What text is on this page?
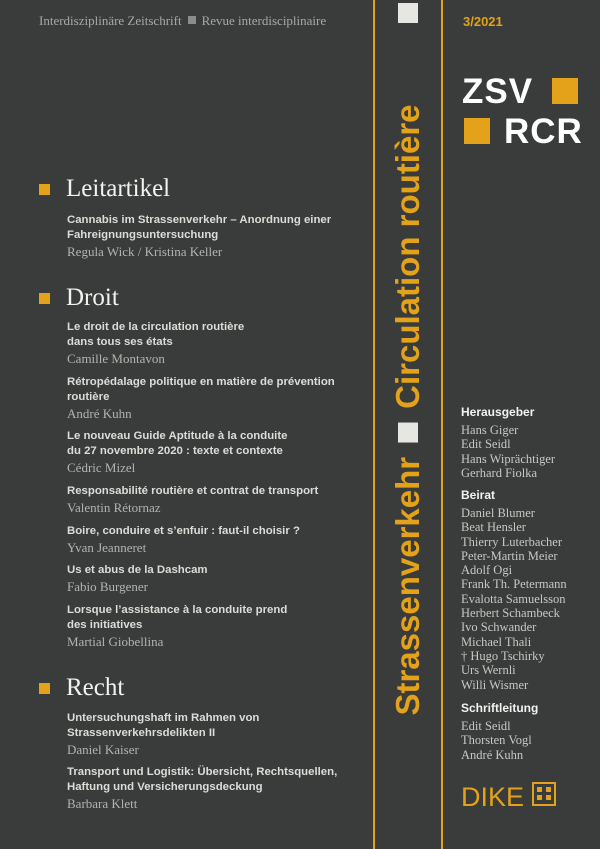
Interdisziplinäre Zeitschrift Revue interdisciplinaire	3/2021
ZSV
RCR
Strassenverkehr
Circulation routière
Leitartikel
Cannabis im Strassenverkehr – Anordnung einer Fahreignungsuntersuchung
Regula Wick / Kristina Keller
Droit
Le droit de la circulation routière dans tous ses états
Camille Montavon
Rétropédalage politique en matière de prévention routière
André Kuhn
Le nouveau Guide Aptitude à la conduite du 27 novembre 2020 : texte et contexte
Cédric Mizel
Responsabilité routière et contrat de transport
Valentin Rétornaz
Boire, conduire et s’enfuir : faut-il choisir ?
Yvan Jeanneret
Us et abus de la Dashcam
Fabio Burgener
Lorsque l’assistance à la conduite prend des initiatives
Martial Giobellina
Recht
Untersuchungshaft im Rahmen von Strassenverkehrsdelikten II
Daniel Kaiser
Transport und Logistik: Übersicht, Rechtsquellen, Haftung und Versicherungsdeckung
Barbara Klett
Herausgeber
Hans Giger
Edit Seidl
Hans Wiprächtiger
Gerhard Fiolka
Beirat
Daniel Blumer
Beat Hensler
Thierry Luterbacher
Peter-Martin Meier
Adolf Ogi
Frank Th. Petermann
Evalotta Samuelsson
Herbert Schambeck
Ivo Schwander
Michael Thali
† Hugo Tschirky
Urs Wernli
Willi Wismer
Schriftleitung
Edit Seidl
Thorsten Vogl
André Kuhn
DIKE
